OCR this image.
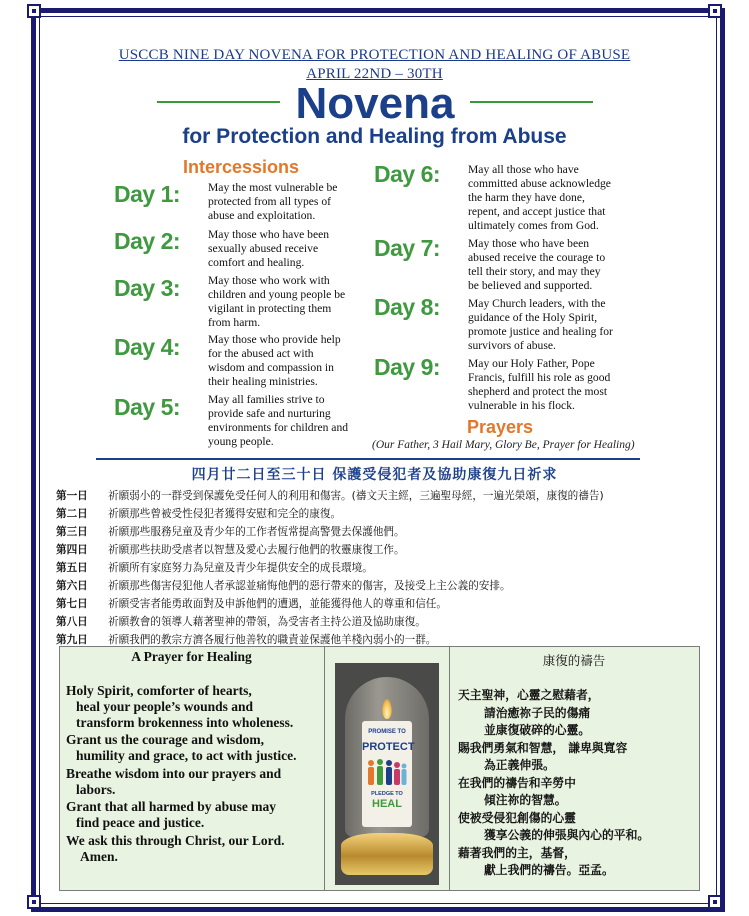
USCCB NINE DAY NOVENA FOR PROTECTION AND HEALING OF ABUSE
APRIL 22ND – 30TH
Novena
for Protection and Healing from Abuse
Intercessions
Day 1: May the most vulnerable be
protected from all types of
abuse and exploitation.
Day 2: May those who have been
sexually abused receive
comfort and healing.
Day 3: May those who work with
children and young people be
vigilant in protecting them
from harm.
Day 4: May those who provide help
for the abused act with
wisdom and compassion in
their healing ministries.
Day 5: May all families strive to
provide safe and nurturing
environments for children and
young people.
Day 6: May all those who have
committed abuse acknowledge
the harm they have done,
repent, and accept justice that
ultimately comes from God.
Day 7: May those who have been
abused receive the courage to
tell their story, and may they
be believed and supported.
Day 8: May Church leaders, with the
guidance of the Holy Spirit,
promote justice and healing for
survivors of abuse.
Day 9: May our Holy Father, Pope
Francis, fulfill his role as good
shepherd and protect the most
vulnerable in his flock.
Prayers
(Our Father, 3 Hail Mary, Glory Be, Prayer for Healing)
四月廿二日至三十日 保護受侵犯者及協助康復九日祈求
第一日 祈願弱小的一群受到保護免受任何人的利用和傷害。(禱文天主經，三遍聖母經，一遍光榮頌，康復的禱告)
第二日 祈願那些曾被受性侵犯者獲得安慰和完全的康復。
第三日 祈願那些服務兒童及青少年的工作者恆常提高警覺去保護他們。
第四日 祈願那些扶助受虐者以智慧及愛心去履行他們的牧靈康復工作。
第五日 祈願所有家庭努力為兒童及青少年提供安全的成長環境。
第六日 祈願那些傷害侵犯他人者承認並痛悔他們的惡行帶來的傷害，及接受上主公義的安排。
第七日 祈願受害者能勇敢面對及申訴他們的遭遇，並能獲得他人的尊重和信任。
第八日 祈願教會的領導人藉著聖神的帶領，為受害者主持公道及協助康復。
第九日 祈願我們的教宗方濟各履行他善牧的職責並保護他羊棧內弱小的一群。
A Prayer for Healing
Holy Spirit, comforter of hearts,
heal your people’s wounds and
transform brokenness into wholeness.
Grant us the courage and wisdom,
humility and grace, to act with justice.
Breathe wisdom into our prayers and
labors.
Grant that all harmed by abuse may
find peace and justice.
We ask this through Christ, our Lord.
Amen.
PROMISE TO
PROTECT
PLEDGE TO
HEAL
康復的禱告
天主聖神，心靈之慰藉者，
請治癒祢子民的傷痛
並康復破碎的心靈。
賜我們勇氣和智慧， 謙卑與寬容
為正義伸張。
在我們的禱告和辛勞中
傾注祢的智慧。
使被受侵犯創傷的心靈
獲享公義的伸張與內心的平和。
藉著我們的主，基督，
獻上我們的禱告。亞孟。
